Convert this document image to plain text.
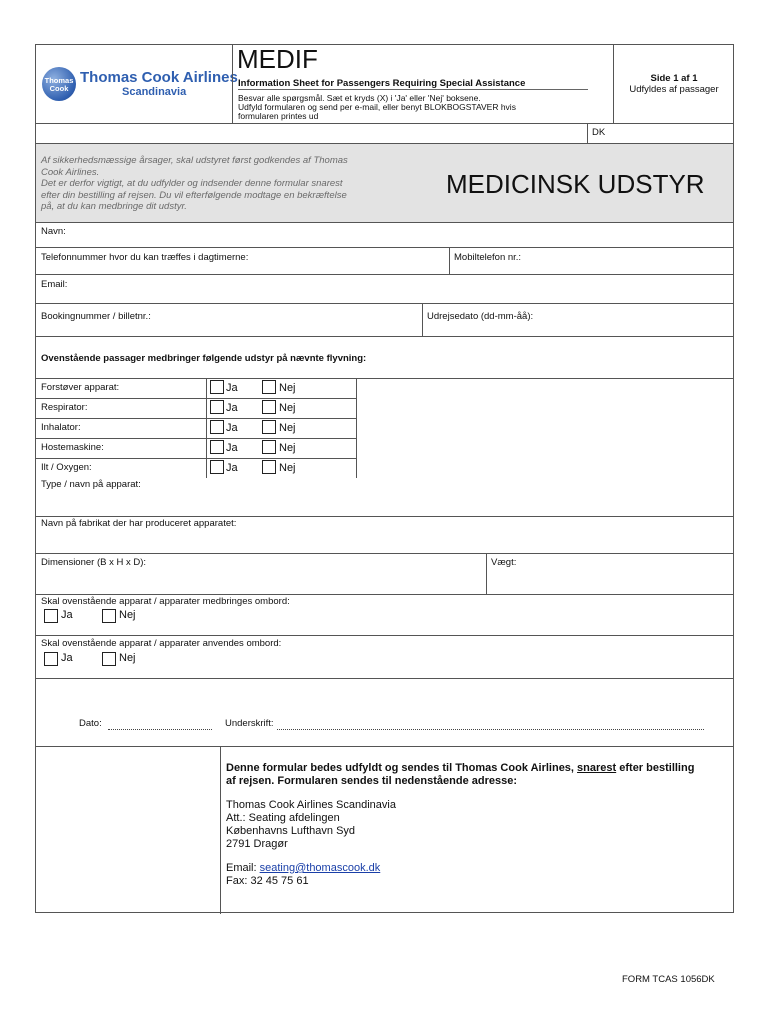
Thomas
Cook
Thomas Cook Airlines
Scandinavia
MEDIF
Information Sheet for Passengers Requiring Special Assistance
Besvar alle spørgsmål. Sæt et kryds (X) i 'Ja' eller 'Nej' boksene.
Udfyld formularen og send per e-mail, eller benyt BLOKBOGSTAVER hvis
formularen printes ud
Side 1 af 1
Udfyldes af passager
DK
Af sikkerhedsmæssige årsager, skal udstyret først godkendes af Thomas
Cook Airlines.
Det er derfor vigtigt, at du udfylder og indsender denne formular snarest
efter din bestilling af rejsen. Du vil efterfølgende modtage en bekræftelse
på, at du kan medbringe dit udstyr.
MEDICINSK UDSTYR
Navn:
Telefonnummer hvor du kan træffes i dagtimerne:	Mobiltelefon nr.:
Email:
Bookingnummer / billetnr.:	Udrejsedato (dd-mm-åå):
Ovenstående passager medbringer følgende udstyr på nævnte flyvning:
Forstøver apparat:	Ja	Nej
Respirator:	Ja	Nej
Inhalator:	Ja	Nej
Hostemaskine:	Ja	Nej
Ilt / Oxygen:	Ja	Nej
Type / navn på apparat:
Navn på fabrikat der har produceret apparatet:
Dimensioner (B x H x D):	Vægt:
Skal ovenstående apparat / apparater medbringes ombord:
Ja	Nej
Skal ovenstående apparat / apparater anvendes ombord:
Ja	Nej
Dato:	Underskrift:
Denne formular bedes udfyldt og sendes til Thomas Cook Airlines, snarest efter bestilling
af rejsen. Formularen sendes til nedenstående adresse:
Thomas Cook Airlines Scandinavia
Att.: Seating afdelingen
Københavns Lufthavn Syd
2791 Dragør
Email: seating@thomascook.dk
Fax: 32 45 75 61
FORM TCAS 1056DK
